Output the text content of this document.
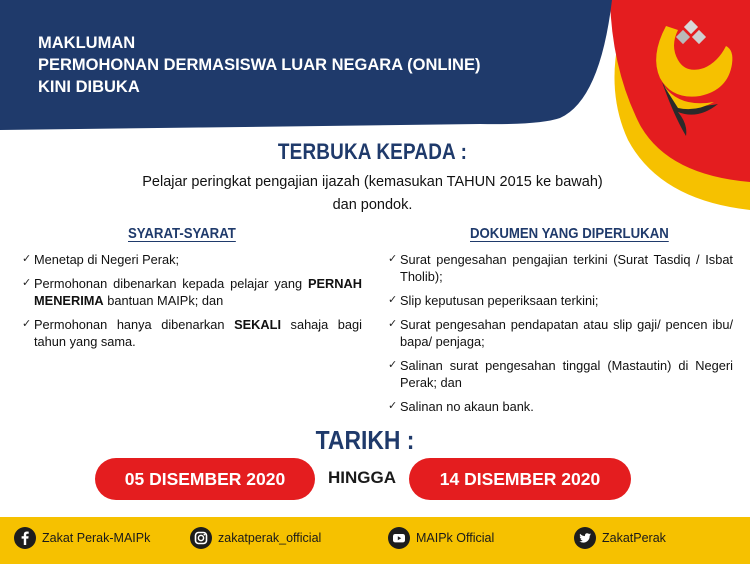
MAKLUMAN
PERMOHONAN DERMASISWA LUAR NEGARA (ONLINE)
KINI DIBUKA
TERBUKA KEPADA :
Pelajar peringkat pengajian ijazah (kemasukan TAHUN 2015 ke bawah)
dan pondok.
SYARAT-SYARAT
✓ Menetap di Negeri Perak;
✓ Permohonan dibenarkan kepada pelajar yang PERNAH MENERIMA bantuan MAIPk; dan
✓ Permohonan hanya dibenarkan SEKALI sahaja bagi tahun yang sama.
DOKUMEN YANG DIPERLUKAN
✓ Surat pengesahan pengajian terkini (Surat Tasdiq / Isbat Tholib);
✓ Slip keputusan peperiksaan terkini;
✓ Surat pengesahan pendapatan atau slip gaji/ pencen ibu/ bapa/ penjaga;
✓ Salinan surat pengesahan tinggal (Mastautin) di Negeri Perak; dan
✓ Salinan no akaun bank.
TARIKH :
05 DISEMBER 2020	HINGGA	14 DISEMBER 2020
Zakat Perak-MAIPk	zakatperak_official	MAIPk Official	ZakatPerak
